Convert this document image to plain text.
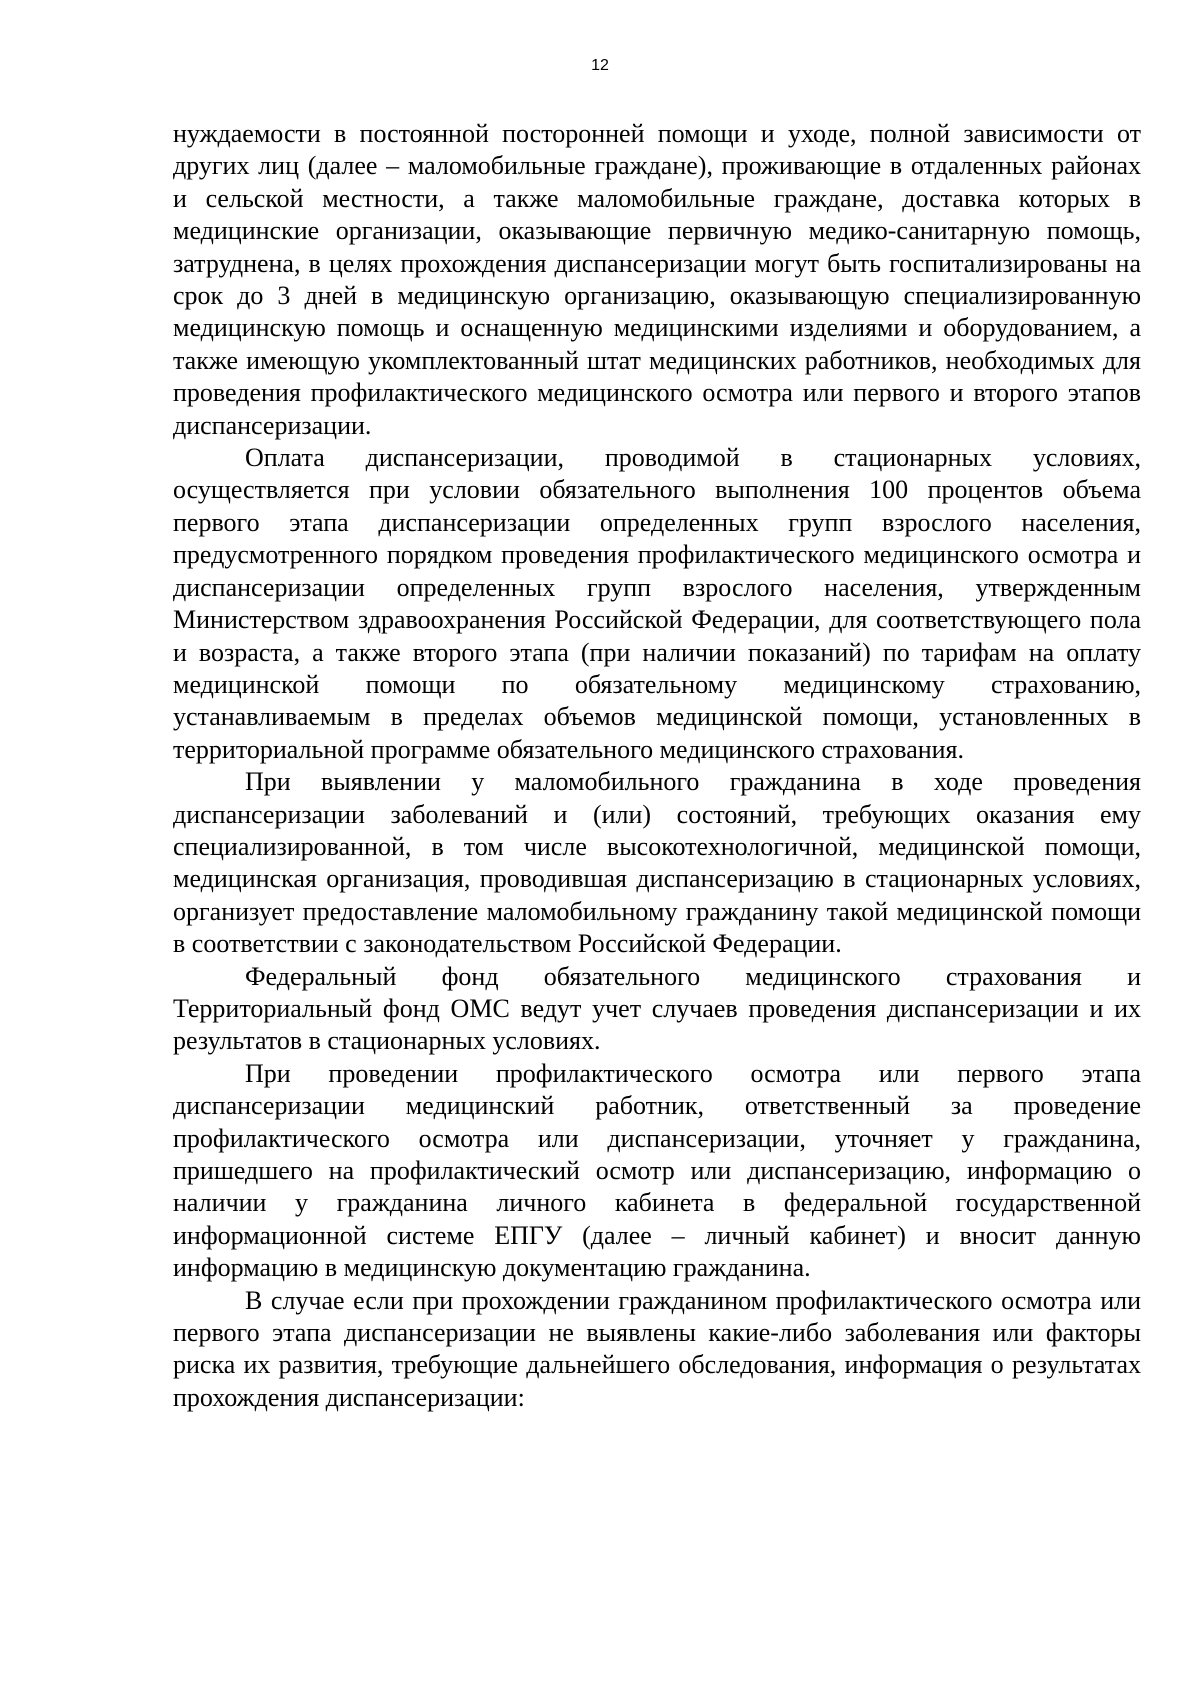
12

нуждаемости в постоянной посторонней помощи и уходе, полной зависимости от других лиц (далее – маломобильные граждане), проживающие в отдаленных районах и сельской местности, а также маломобильные граждане, доставка которых в медицинские организации, оказывающие первичную медико-санитарную помощь, затруднена, в целях прохождения диспансеризации могут быть госпитализированы на срок до 3 дней в медицинскую организацию, оказывающую специализированную медицинскую помощь и оснащенную медицинскими изделиями и оборудованием, а также имеющую укомплектованный штат медицинских работников, необходимых для проведения профилактического медицинского осмотра или первого и второго этапов диспансеризации.

Оплата диспансеризации, проводимой в стационарных условиях, осуществляется при условии обязательного выполнения 100 процентов объема первого этапа диспансеризации определенных групп взрослого населения, предусмотренного порядком проведения профилактического медицинского осмотра и диспансеризации определенных групп взрослого населения, утвержденным Министерством здравоохранения Российской Федерации, для соответствующего пола и возраста, а также второго этапа (при наличии показаний) по тарифам на оплату медицинской помощи по обязательному медицинскому страхованию, устанавливаемым в пределах объемов медицинской помощи, установленных в территориальной программе обязательного медицинского страхования.

При выявлении у маломобильного гражданина в ходе проведения диспансеризации заболеваний и (или) состояний, требующих оказания ему специализированной, в том числе высокотехнологичной, медицинской помощи, медицинская организация, проводившая диспансеризацию в стационарных условиях, организует предоставление маломобильному гражданину такой медицинской помощи в соответствии с законодательством Российской Федерации.

Федеральный фонд обязательного медицинского страхования и Территориальный фонд ОМС ведут учет случаев проведения диспансеризации и их результатов в стационарных условиях.

При проведении профилактического осмотра или первого этапа диспансеризации медицинский работник, ответственный за проведение профилактического осмотра или диспансеризации, уточняет у гражданина, пришедшего на профилактический осмотр или диспансеризацию, информацию о наличии у гражданина личного кабинета в федеральной государственной информационной системе ЕПГУ (далее – личный кабинет) и вносит данную информацию в медицинскую документацию гражданина.

В случае если при прохождении гражданином профилактического осмотра или первого этапа диспансеризации не выявлены какие-либо заболевания или факторы риска их развития, требующие дальнейшего обследования, информация о результатах прохождения диспансеризации:
